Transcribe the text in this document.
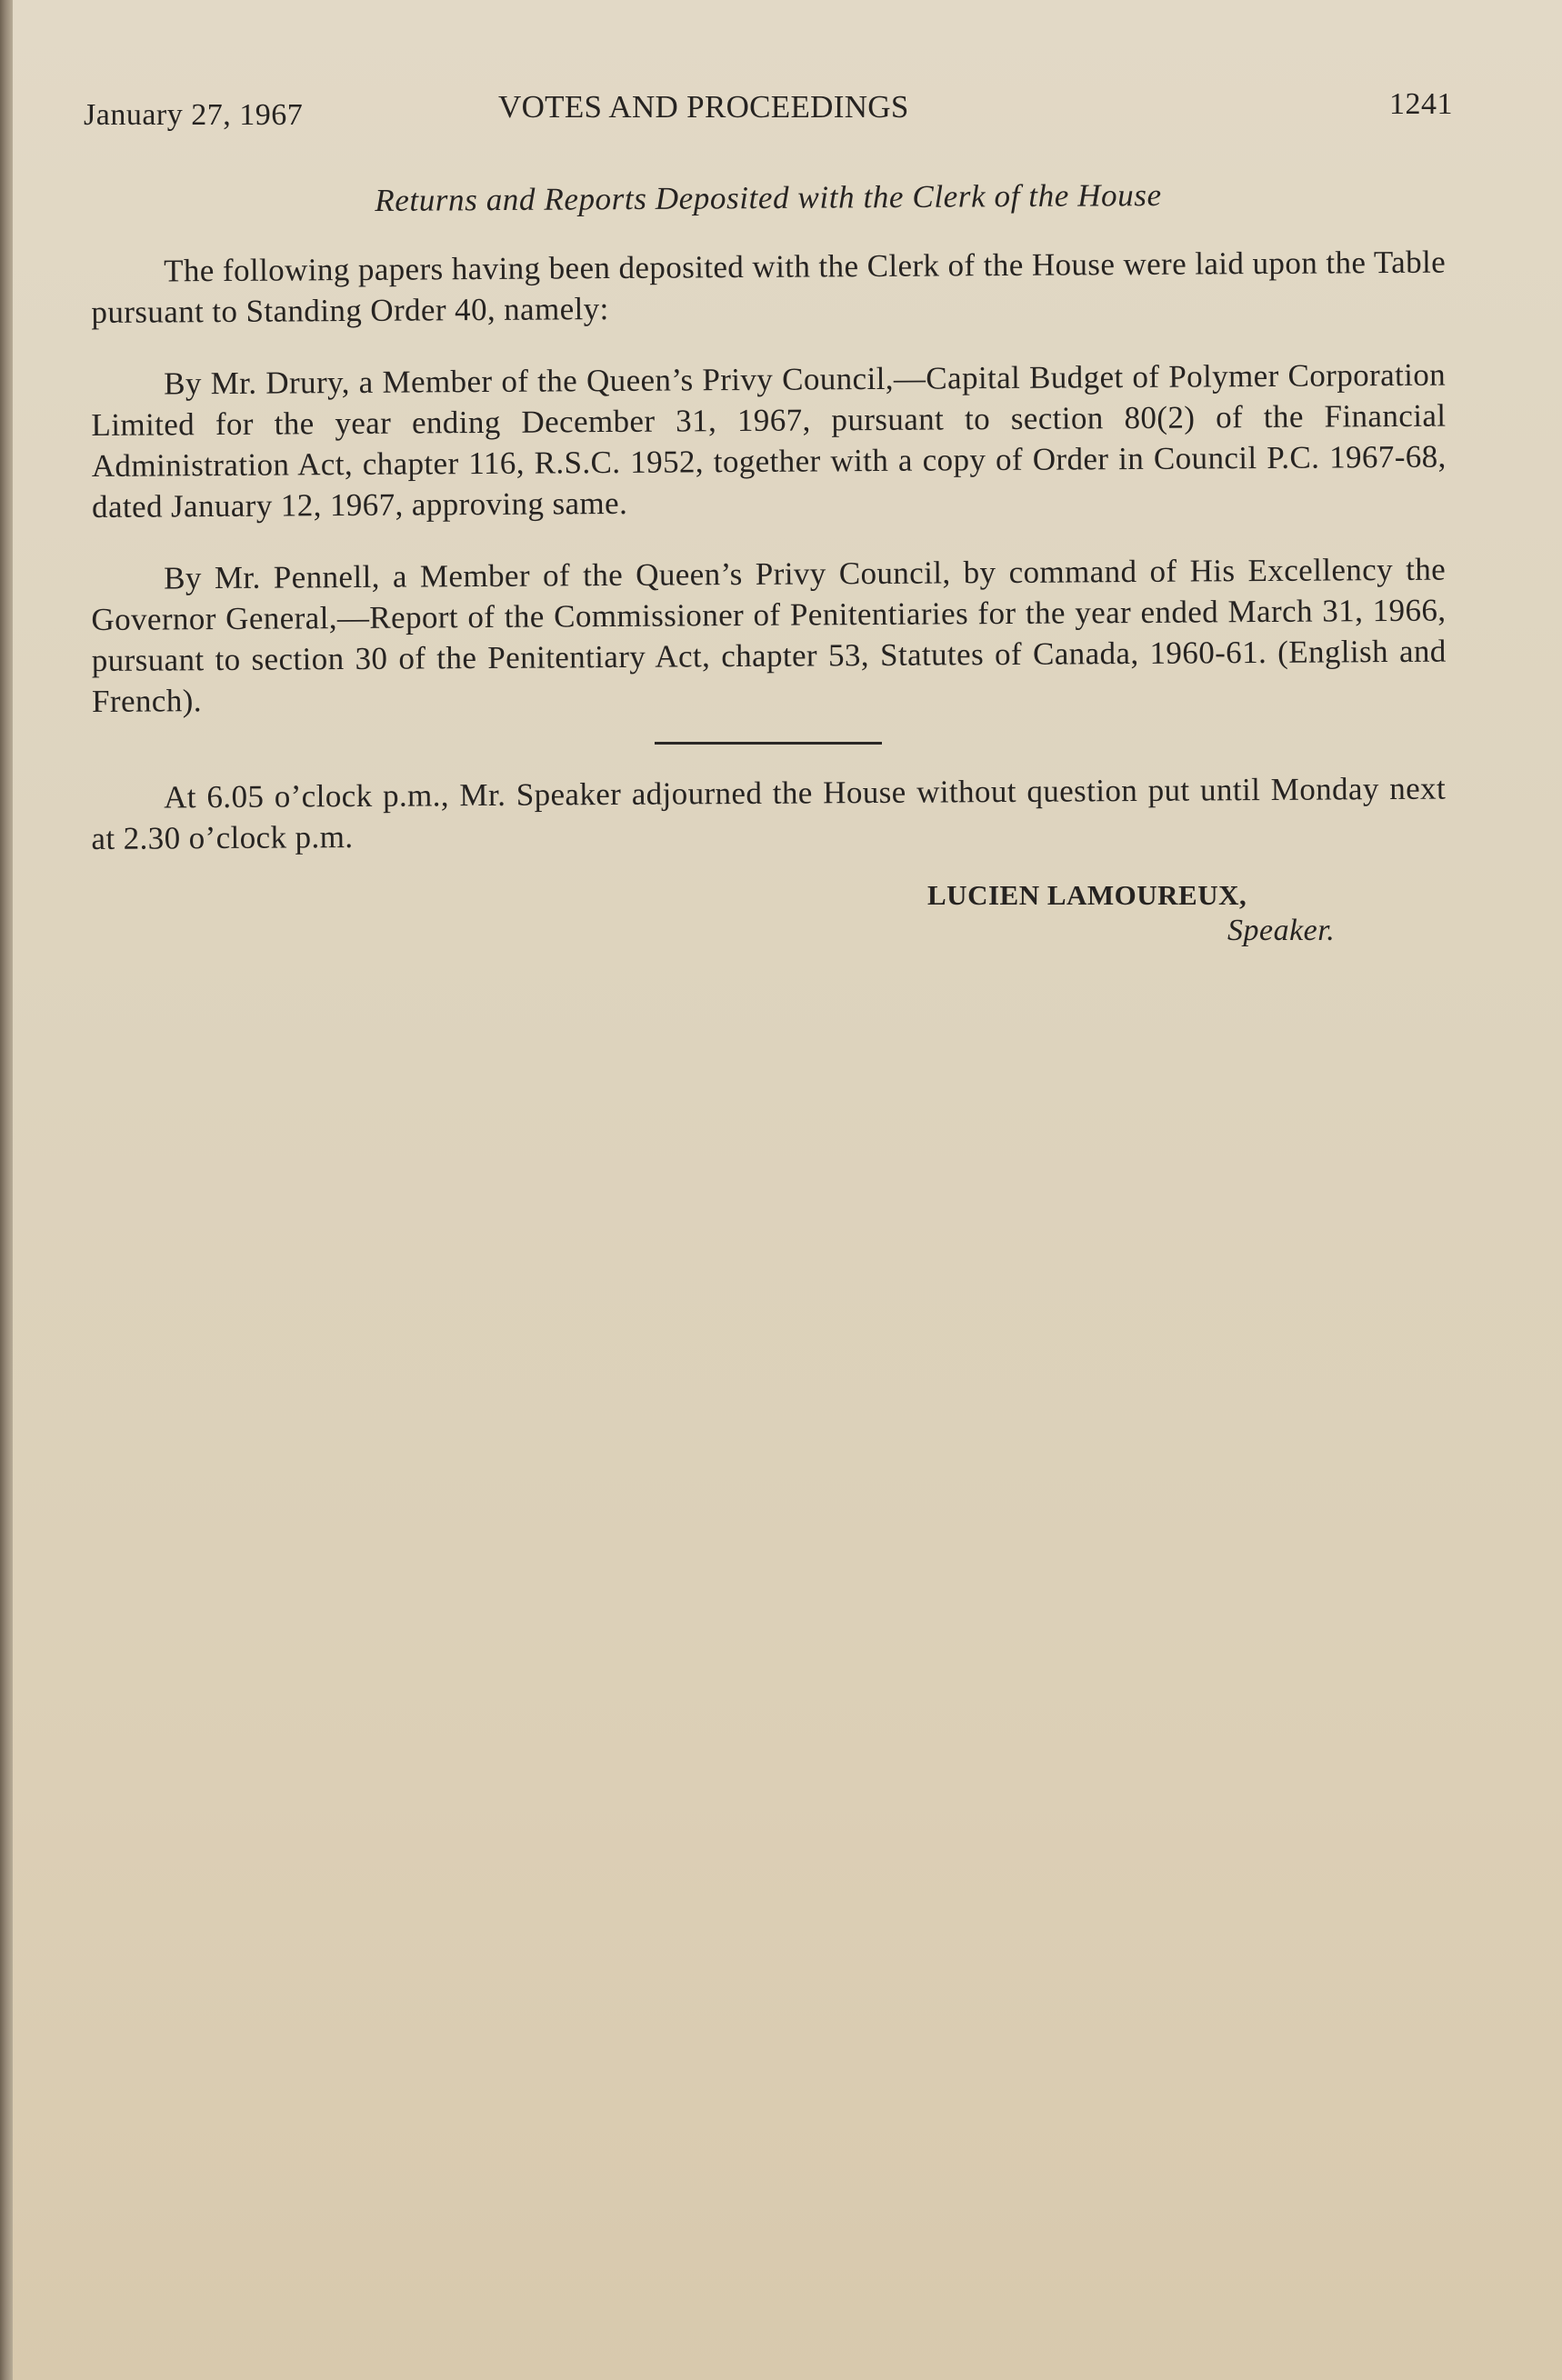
January 27, 1967	VOTES AND PROCEEDINGS	1241
Returns and Reports Deposited with the Clerk of the House

The following papers having been deposited with the Clerk of the House were laid upon the Table pursuant to Standing Order 40, namely:

By Mr. Drury, a Member of the Queen’s Privy Council,—Capital Budget of Polymer Corporation Limited for the year ending December 31, 1967, pursuant to section 80(2) of the Financial Administration Act, chapter 116, R.S.C. 1952, together with a copy of Order in Council P.C. 1967-68, dated January 12, 1967, approving same.

By Mr. Pennell, a Member of the Queen’s Privy Council, by command of His Excellency the Governor General,—Report of the Commissioner of Penitentiaries for the year ended March 31, 1966, pursuant to section 30 of the Penitentiary Act, chapter 53, Statutes of Canada, 1960-61. (English and French).

At 6.05 o’clock p.m., Mr. Speaker adjourned the House without question put until Monday next at 2.30 o’clock p.m.

LUCIEN LAMOUREUX,
Speaker.
